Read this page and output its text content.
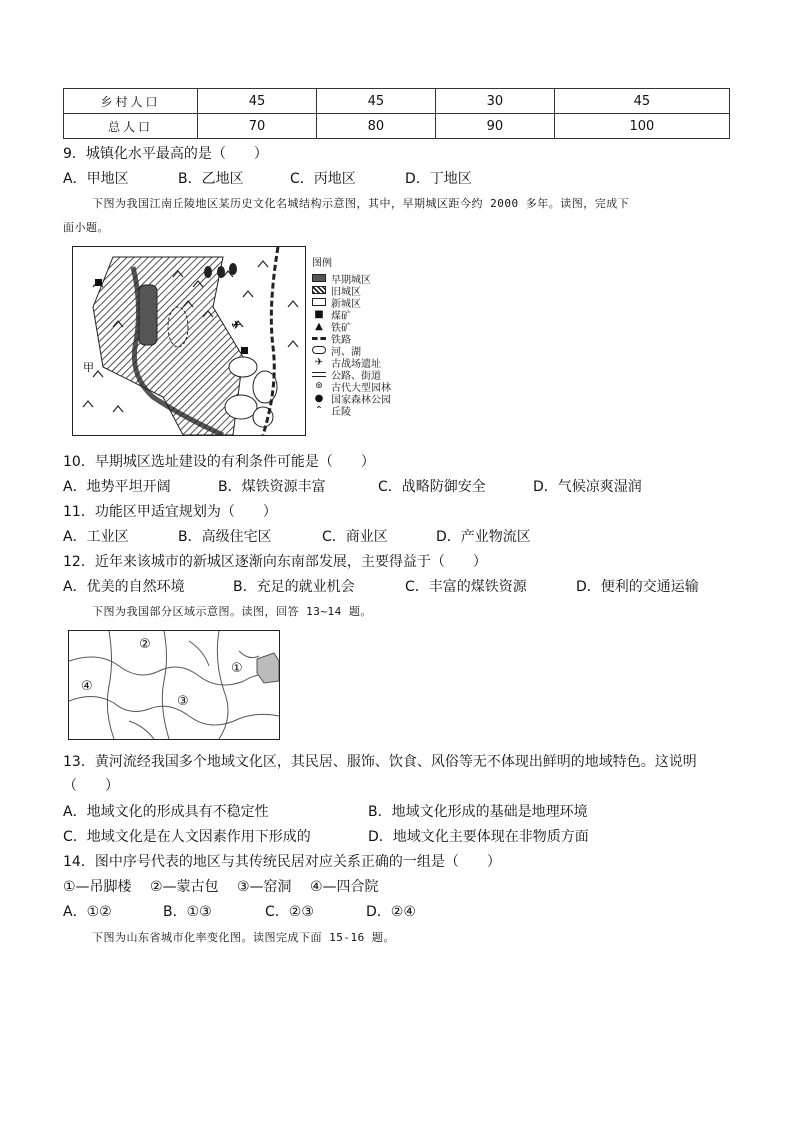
乡村人口	45	45	30	45
总人口	70	80	90	100
9．城镇化水平最高的是（　　）
A．甲地区	B．乙地区	C．丙地区	D．丁地区
下图为我国江南丘陵地区某历史文化名城结构示意图，其中，早期城区距今约 2000 多年。读图，完成下
面小题。
✈
甲
图例
早期城区
旧城区
新城区
■ 煤矿
▲ 铁矿
铁路
河、湖
✈ 古战场遗址
公路、街道
⊚ 古代大型园林
● 国家森林公园
⌃ 丘陵
10．早期城区选址建设的有利条件可能是（　　）
A．地势平坦开阔	B．煤铁资源丰富	C．战略防御安全	D．气候凉爽湿润
11．功能区甲适宜规划为（　　）
A．工业区	B．高级住宅区	C．商业区	D．产业物流区
12．近年来该城市的新城区逐渐向东南部发展，主要得益于（　　）
A．优美的自然环境	B．充足的就业机会	C．丰富的煤铁资源	D．便利的交通运输
下图为我国部分区域示意图。读图，回答 13~14 题。
②
①
④
③
13．黄河流经我国多个地域文化区，其民居、服饰、饮食、风俗等无不体现出鲜明的地域特色。这说明
（　　）
A．地域文化的形成具有不稳定性	B．地域文化形成的基础是地理环境
C．地域文化是在人文因素作用下形成的	D．地域文化主要体现在非物质方面
14．图中序号代表的地区与其传统民居对应关系正确的一组是（　　）
①—吊脚楼　 ②—蒙古包　 ③—窑洞　 ④—四合院
A．①②	B．①③	C．②③	D．②④
下图为山东省城市化率变化图。读图完成下面 15-16 题。
